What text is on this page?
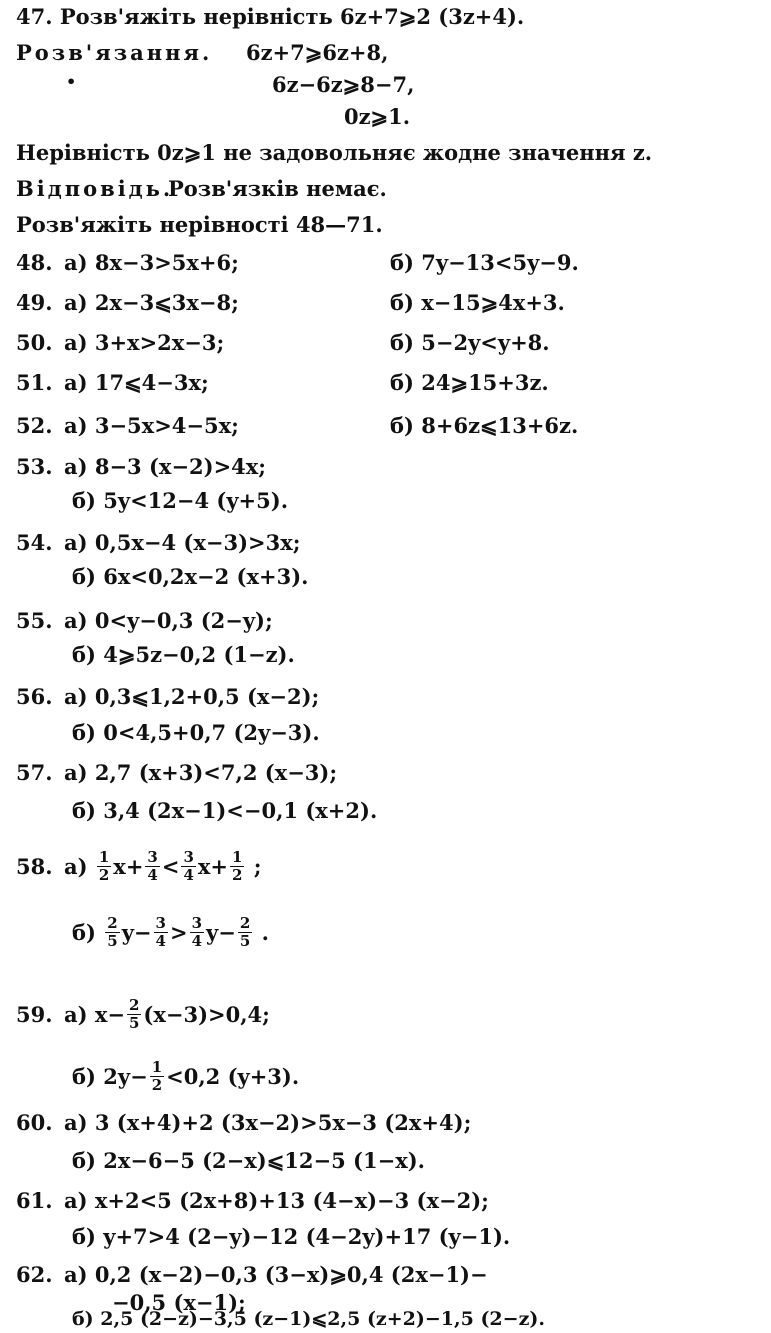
47. Розв'яжіть нерівність 6z+7⩾2 (3z+4).
Розв'язання. 6z+7⩾6z+8,
•	6z−6z⩾8−7,
0z⩾1.
Нерівність 0z⩾1 не задовольняє жодне значення z.
Відповідь.
Розв'язків немає.
Розв'яжіть нерівності 48—71.
48. а) 8x−3>5x+6;	б) 7y−13<5y−9.
49. а) 2x−3⩽3x−8;	б) x−15⩾4x+3.
50. а) 3+x>2x−3;	б) 5−2y<y+8.
51. а) 17⩽4−3x;	б) 24⩾15+3z.
52. а) 3−5x>4−5x;	б) 8+6z⩽13+6z.
53. а) 8−3 (x−2)>4x;
б) 5y<12−4 (y+5).
54. а) 0,5x−4 (x−3)>3x;
б) 6x<0,2x−2 (x+3).
55. а) 0<y−0,3 (2−y);
б) 4⩾5z−0,2 (1−z).
56. а) 0,3⩽1,2+0,5 (x−2);
б) 0<4,5+0,7 (2y−3).
57. а) 2,7 (x+3)<7,2 (x−3);
б) 3,4 (2x−1)<−0,1 (x+2).
58. а)
$\frac{1}{2} x+ \frac{3}{4} < \frac{3}{4} x+ \frac{1}{2}$
;
б)
$\frac{2}{5} y- \frac{3}{4} > \frac{3}{4} y- \frac{2}{5}$
.
59. а)
$x- \frac{2}{5} (x-3)>0,4$;
б)
$2y- \frac{1}{2} <0,2$ (y+3).
60. а) 3 (x+4)+2 (3x−2)>5x−3 (2x+4);
б) 2x−6−5 (2−x)⩽12−5 (1−x).
61. а) x+2<5 (2x+8)+13 (4−x)−3 (x−2);
б) y+7>4 (2−y)−12 (4−2y)+17 (y−1).
62. а) 0,2 (x−2)−0,3 (3−x)⩾0,4 (2x−1)−
−0,5 (x−1);
б) 2,5 (2−z)−3,5 (z−1)⩽2,5 (z+2)−1,5 (2−z).
